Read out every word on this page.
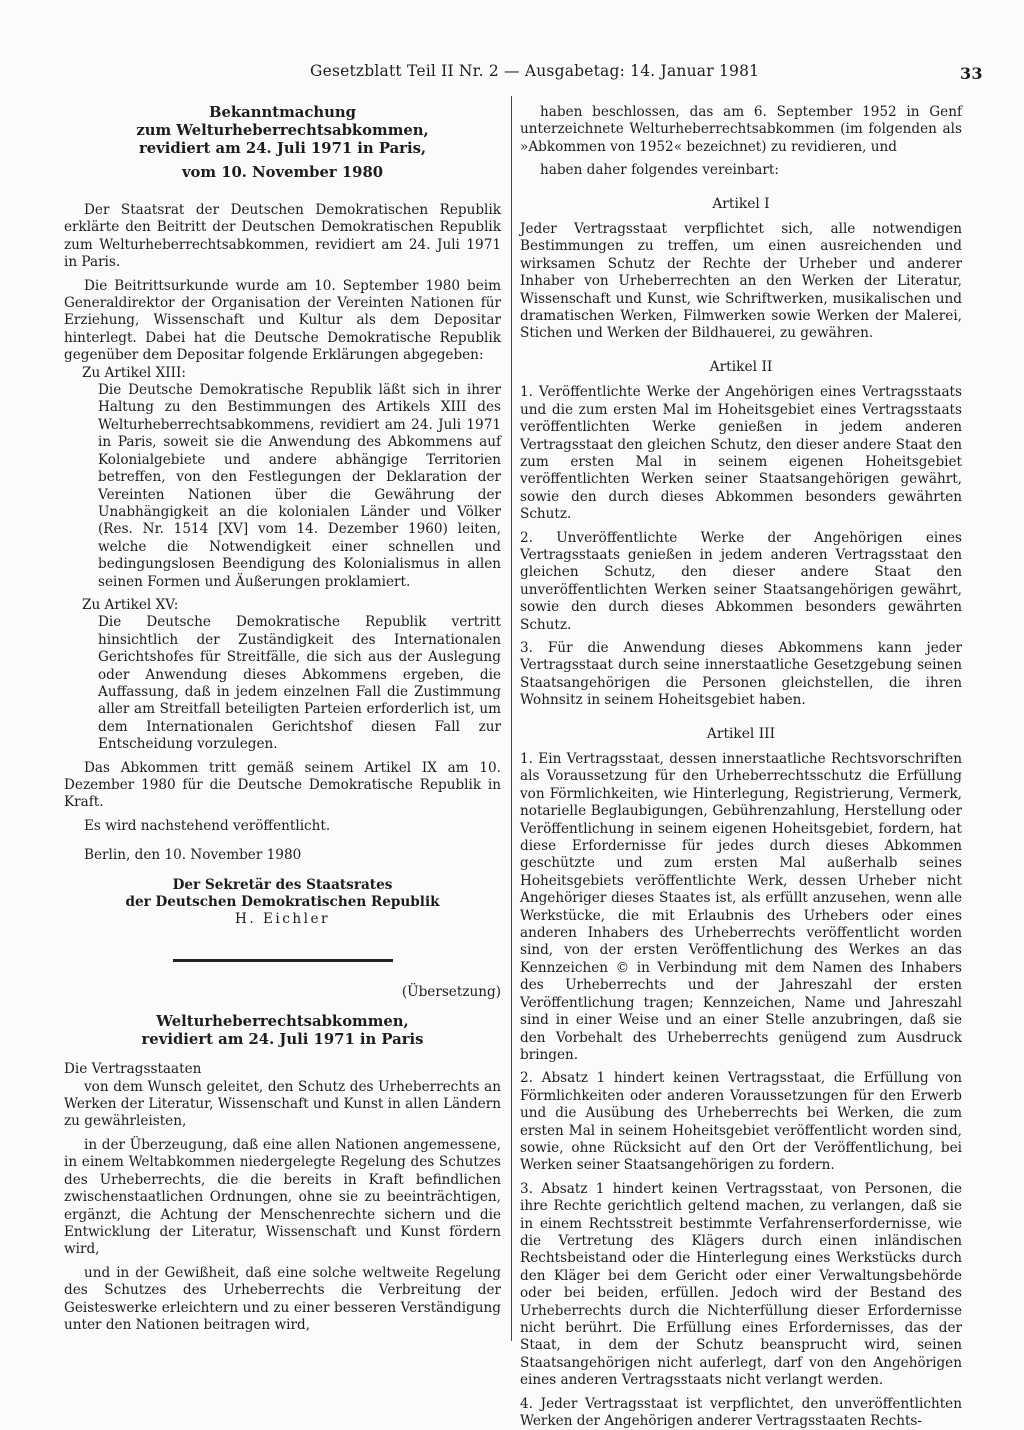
Gesetzblatt Teil II Nr. 2 — Ausgabetag: 14. Januar 1981	33

Bekanntmachung

zum Welturheberrechtsabkommen,

revidiert am 24. Juli 1971 in Paris,

vom 10. November 1980

Der Staatsrat der Deutschen Demokratischen Republik erklärte den Beitritt der Deutschen Demokratischen Republik zum Welturheberrechtsabkommen, revidiert am 24. Juli 1971 in Paris.

Die Beitrittsurkunde wurde am 10. September 1980 beim Generaldirektor der Organisation der Vereinten Nationen für Erziehung, Wissenschaft und Kultur als dem Depositar hinterlegt. Dabei hat die Deutsche Demokratische Republik gegenüber dem Depositar folgende Erklärungen abgegeben:

Zu Artikel XIII:

Die Deutsche Demokratische Republik läßt sich in ihrer Haltung zu den Bestimmungen des Artikels XIII des Welturheberrechtsabkommens, revidiert am 24. Juli 1971 in Paris, soweit sie die Anwendung des Abkommens auf Kolonialgebiete und andere abhängige Territorien betreffen, von den Festlegungen der Deklaration der Vereinten Nationen über die Gewährung der Unabhängigkeit an die kolonialen Länder und Völker (Res. Nr. 1514 [XV] vom 14. Dezember 1960) leiten, welche die Notwendigkeit einer schnellen und bedingungslosen Beendigung des Kolonialismus in allen seinen Formen und Äußerungen proklamiert.

Zu Artikel XV:

Die Deutsche Demokratische Republik vertritt hinsichtlich der Zuständigkeit des Internationalen Gerichtshofes für Streitfälle, die sich aus der Auslegung oder Anwendung dieses Abkommens ergeben, die Auffassung, daß in jedem einzelnen Fall die Zustimmung aller am Streitfall beteiligten Parteien erforderlich ist, um dem Internationalen Gerichtshof diesen Fall zur Entscheidung vorzulegen.

Das Abkommen tritt gemäß seinem Artikel IX am 10. Dezember 1980 für die Deutsche Demokratische Republik in Kraft.

Es wird nachstehend veröffentlicht.

Berlin, den 10. November 1980

Der Sekretär des Staatsrates

der Deutschen Demokratischen Republik

H. Eichler

(Übersetzung)

Welturheberrechtsabkommen,

revidiert am 24. Juli 1971 in Paris

Die Vertragsstaaten

von dem Wunsch geleitet, den Schutz des Urheberrechts an Werken der Literatur, Wissenschaft und Kunst in allen Ländern zu gewährleisten,

in der Überzeugung, daß eine allen Nationen angemessene, in einem Weltabkommen niedergelegte Regelung des Schutzes des Urheberrechts, die die bereits in Kraft befindlichen zwischenstaatlichen Ordnungen, ohne sie zu beeinträchtigen, ergänzt, die Achtung der Menschenrechte sichern und die Entwicklung der Literatur, Wissenschaft und Kunst fördern wird,

und in der Gewißheit, daß eine solche weltweite Regelung des Schutzes des Urheberrechts die Verbreitung der Geisteswerke erleichtern und zu einer besseren Verständigung unter den Nationen beitragen wird,

haben beschlossen, das am 6. September 1952 in Genf unterzeichnete Welturheberrechtsabkommen (im folgenden als »Abkommen von 1952« bezeichnet) zu revidieren, und

haben daher folgendes vereinbart:

Artikel I

Jeder Vertragsstaat verpflichtet sich, alle notwendigen Bestimmungen zu treffen, um einen ausreichenden und wirksamen Schutz der Rechte der Urheber und anderer Inhaber von Urheberrechten an den Werken der Literatur, Wissenschaft und Kunst, wie Schriftwerken, musikalischen und dramatischen Werken, Filmwerken sowie Werken der Malerei, Stichen und Werken der Bildhauerei, zu gewähren.

Artikel II

1. Veröffentlichte Werke der Angehörigen eines Vertragsstaats und die zum ersten Mal im Hoheitsgebiet eines Vertragsstaats veröffentlichten Werke genießen in jedem anderen Vertragsstaat den gleichen Schutz, den dieser andere Staat den zum ersten Mal in seinem eigenen Hoheitsgebiet veröffentlichten Werken seiner Staatsangehörigen gewährt, sowie den durch dieses Abkommen besonders gewährten Schutz.

2. Unveröffentlichte Werke der Angehörigen eines Vertragsstaats genießen in jedem anderen Vertragsstaat den gleichen Schutz, den dieser andere Staat den unveröffentlichten Werken seiner Staatsangehörigen gewährt, sowie den durch dieses Abkommen besonders gewährten Schutz.

3. Für die Anwendung dieses Abkommens kann jeder Vertragsstaat durch seine innerstaatliche Gesetzgebung seinen Staatsangehörigen die Personen gleichstellen, die ihren Wohnsitz in seinem Hoheitsgebiet haben.

Artikel III

1. Ein Vertragsstaat, dessen innerstaatliche Rechtsvorschriften als Voraussetzung für den Urheberrechtsschutz die Erfüllung von Förmlichkeiten, wie Hinterlegung, Registrierung, Vermerk, notarielle Beglaubigungen, Gebührenzahlung, Herstellung oder Veröffentlichung in seinem eigenen Hoheitsgebiet, fordern, hat diese Erfordernisse für jedes durch dieses Abkommen geschützte und zum ersten Mal außerhalb seines Hoheitsgebiets veröffentlichte Werk, dessen Urheber nicht Angehöriger dieses Staates ist, als erfüllt anzusehen, wenn alle Werkstücke, die mit Erlaubnis des Urhebers oder eines anderen Inhabers des Urheberrechts veröffentlicht worden sind, von der ersten Veröffentlichung des Werkes an das Kennzeichen © in Verbindung mit dem Namen des Inhabers des Urheberrechts und der Jahreszahl der ersten Veröffentlichung tragen; Kennzeichen, Name und Jahreszahl sind in einer Weise und an einer Stelle anzubringen, daß sie den Vorbehalt des Urheberrechts genügend zum Ausdruck bringen.

2. Absatz 1 hindert keinen Vertragsstaat, die Erfüllung von Förmlichkeiten oder anderen Voraussetzungen für den Erwerb und die Ausübung des Urheberrechts bei Werken, die zum ersten Mal in seinem Hoheitsgebiet veröffentlicht worden sind, sowie, ohne Rücksicht auf den Ort der Veröffentlichung, bei Werken seiner Staatsangehörigen zu fordern.

3. Absatz 1 hindert keinen Vertragsstaat, von Personen, die ihre Rechte gerichtlich geltend machen, zu verlangen, daß sie in einem Rechtsstreit bestimmte Verfahrenserfordernisse, wie die Vertretung des Klägers durch einen inländischen Rechtsbeistand oder die Hinterlegung eines Werkstücks durch den Kläger bei dem Gericht oder einer Verwaltungsbehörde oder bei beiden, erfüllen. Jedoch wird der Bestand des Urheberrechts durch die Nichterfüllung dieser Erfordernisse nicht berührt. Die Erfüllung eines Erfordernisses, das der Staat, in dem der Schutz beansprucht wird, seinen Staatsangehörigen nicht auferlegt, darf von den Angehörigen eines anderen Vertragsstaats nicht verlangt werden.

4. Jeder Vertragsstaat ist verpflichtet, den unveröffentlichten Werken der Angehörigen anderer Vertragsstaaten Rechts-
